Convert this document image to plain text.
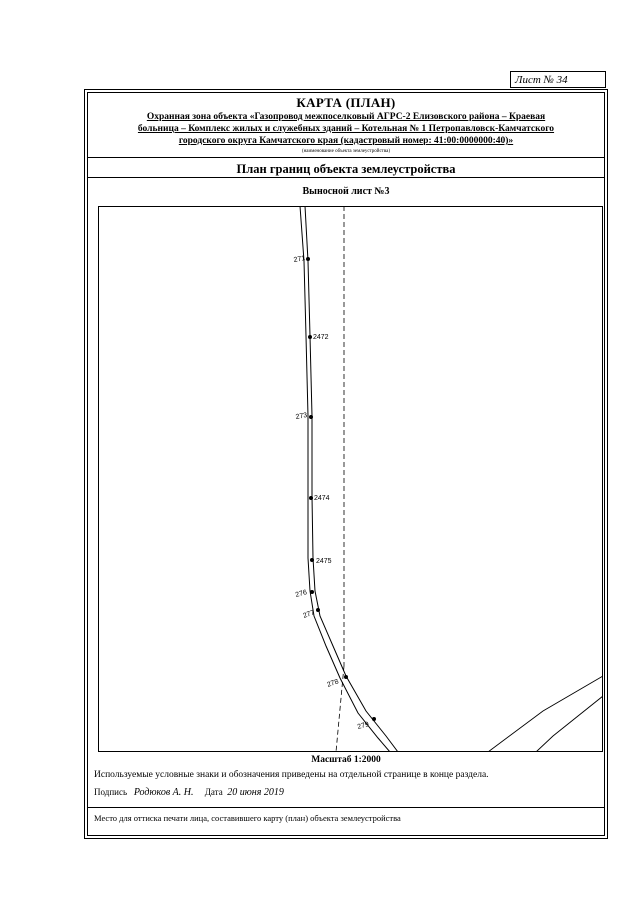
Лист № 34
КАРТА (ПЛАН)
Охранная зона объекта «Газопровод межпоселковый АГРС-2 Елизовского района – Краевая
больница – Комплекс жилых и служебных зданий – Котельная № 1 Петропавловск-Камчатского
городского округа Камчатского края (кадастровый номер: 41:00:0000000:40)»
(наименование объекта землеустройства)
План границ объекта землеустройства
Выносной лист №3
271
2472
273
2474
2475
276
277
278
279
Масштаб 1:2000
Используемые условные знаки и обозначения приведены на отдельной странице в конце раздела.
Подпись Родюков А. Н. Дата 20 июня 2019
Место для оттиска печати лица, составившего карту (план) объекта землеустройства
